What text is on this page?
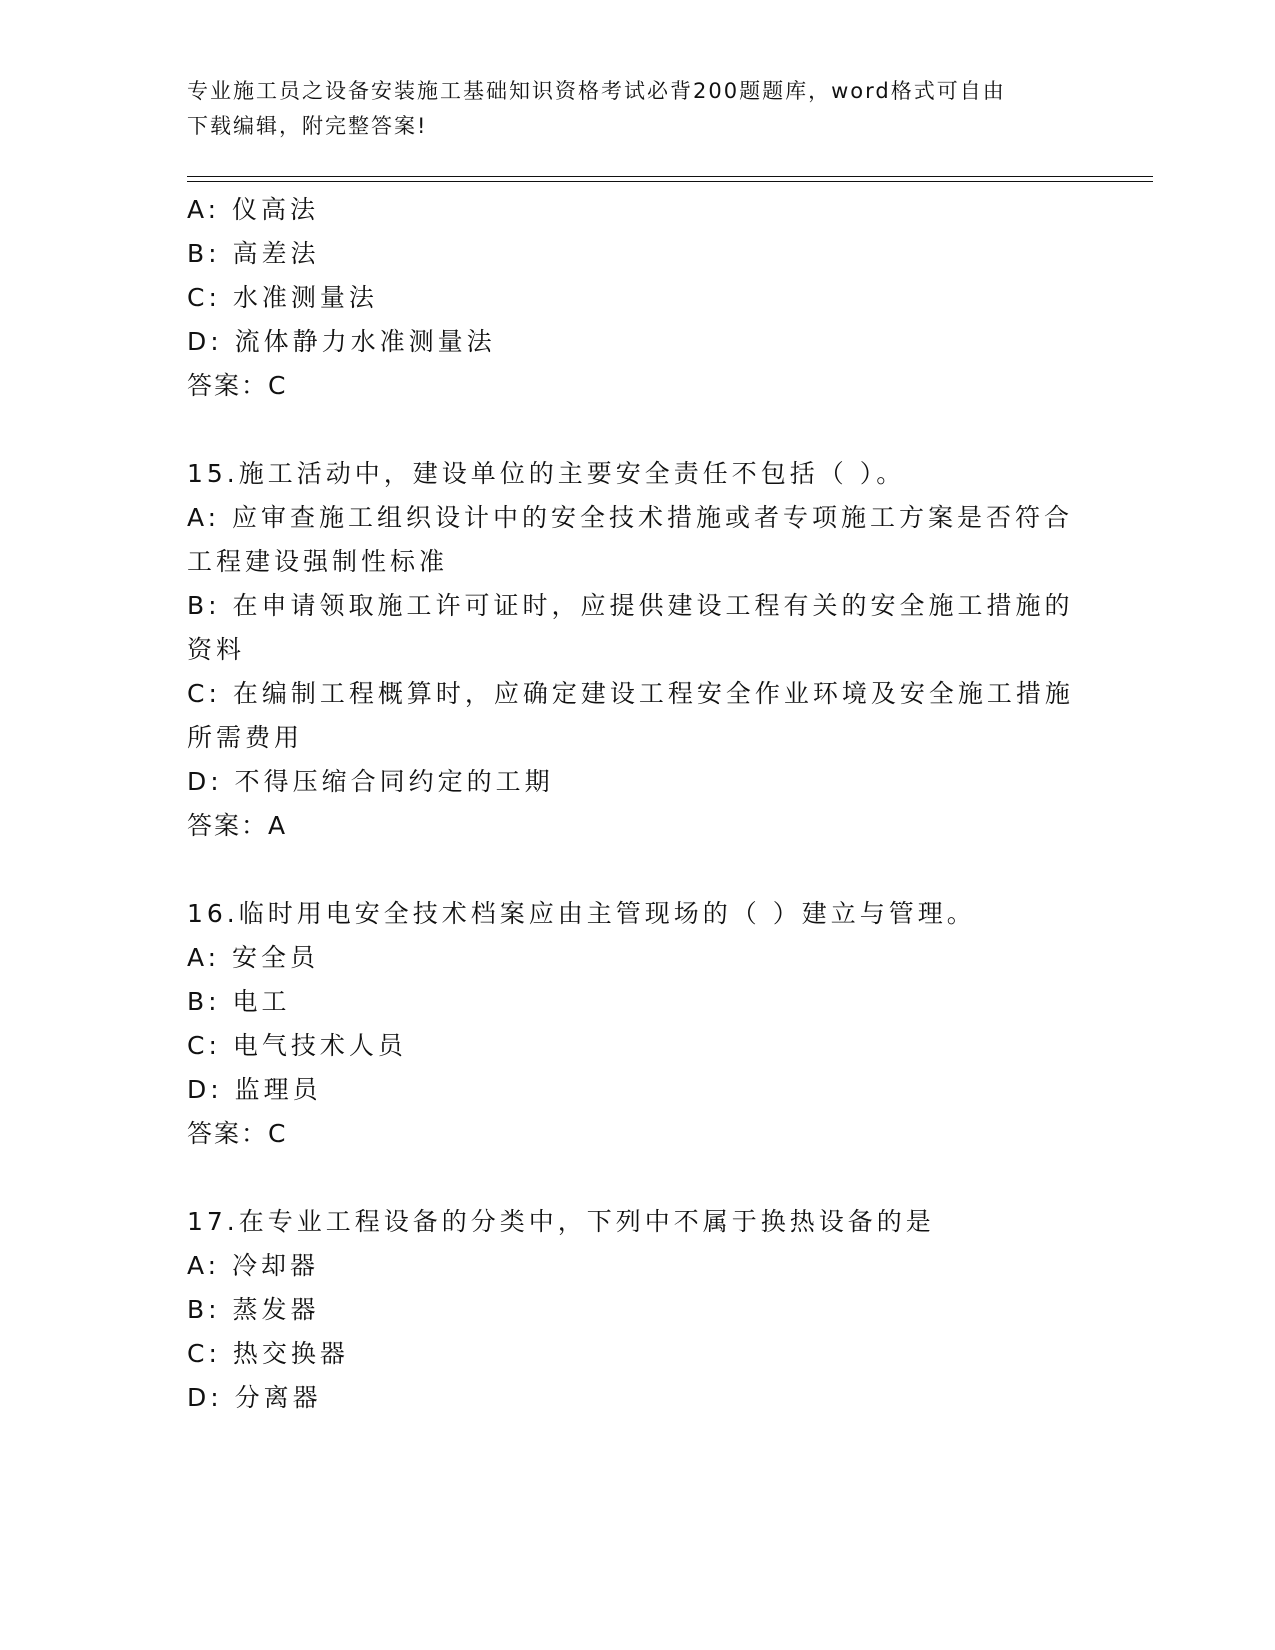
专业施工员之设备安装施工基础知识资格考试必背200题题库，word格式可自由
下载编辑，附完整答案!
A: 仪高法
B: 高差法
C: 水准测量法
D: 流体静力水准测量法
答案：C
15.施工活动中，建设单位的主要安全责任不包括（ ）。
A: 应审查施工组织设计中的安全技术措施或者专项施工方案是否符合
工程建设强制性标准
B: 在申请领取施工许可证时，应提供建设工程有关的安全施工措施的
资料
C: 在编制工程概算时，应确定建设工程安全作业环境及安全施工措施
所需费用
D: 不得压缩合同约定的工期
答案：A
16.临时用电安全技术档案应由主管现场的（ ）建立与管理。
A: 安全员
B: 电工
C: 电气技术人员
D: 监理员
答案：C
17.在专业工程设备的分类中，下列中不属于换热设备的是
A: 冷却器
B: 蒸发器
C: 热交换器
D: 分离器
